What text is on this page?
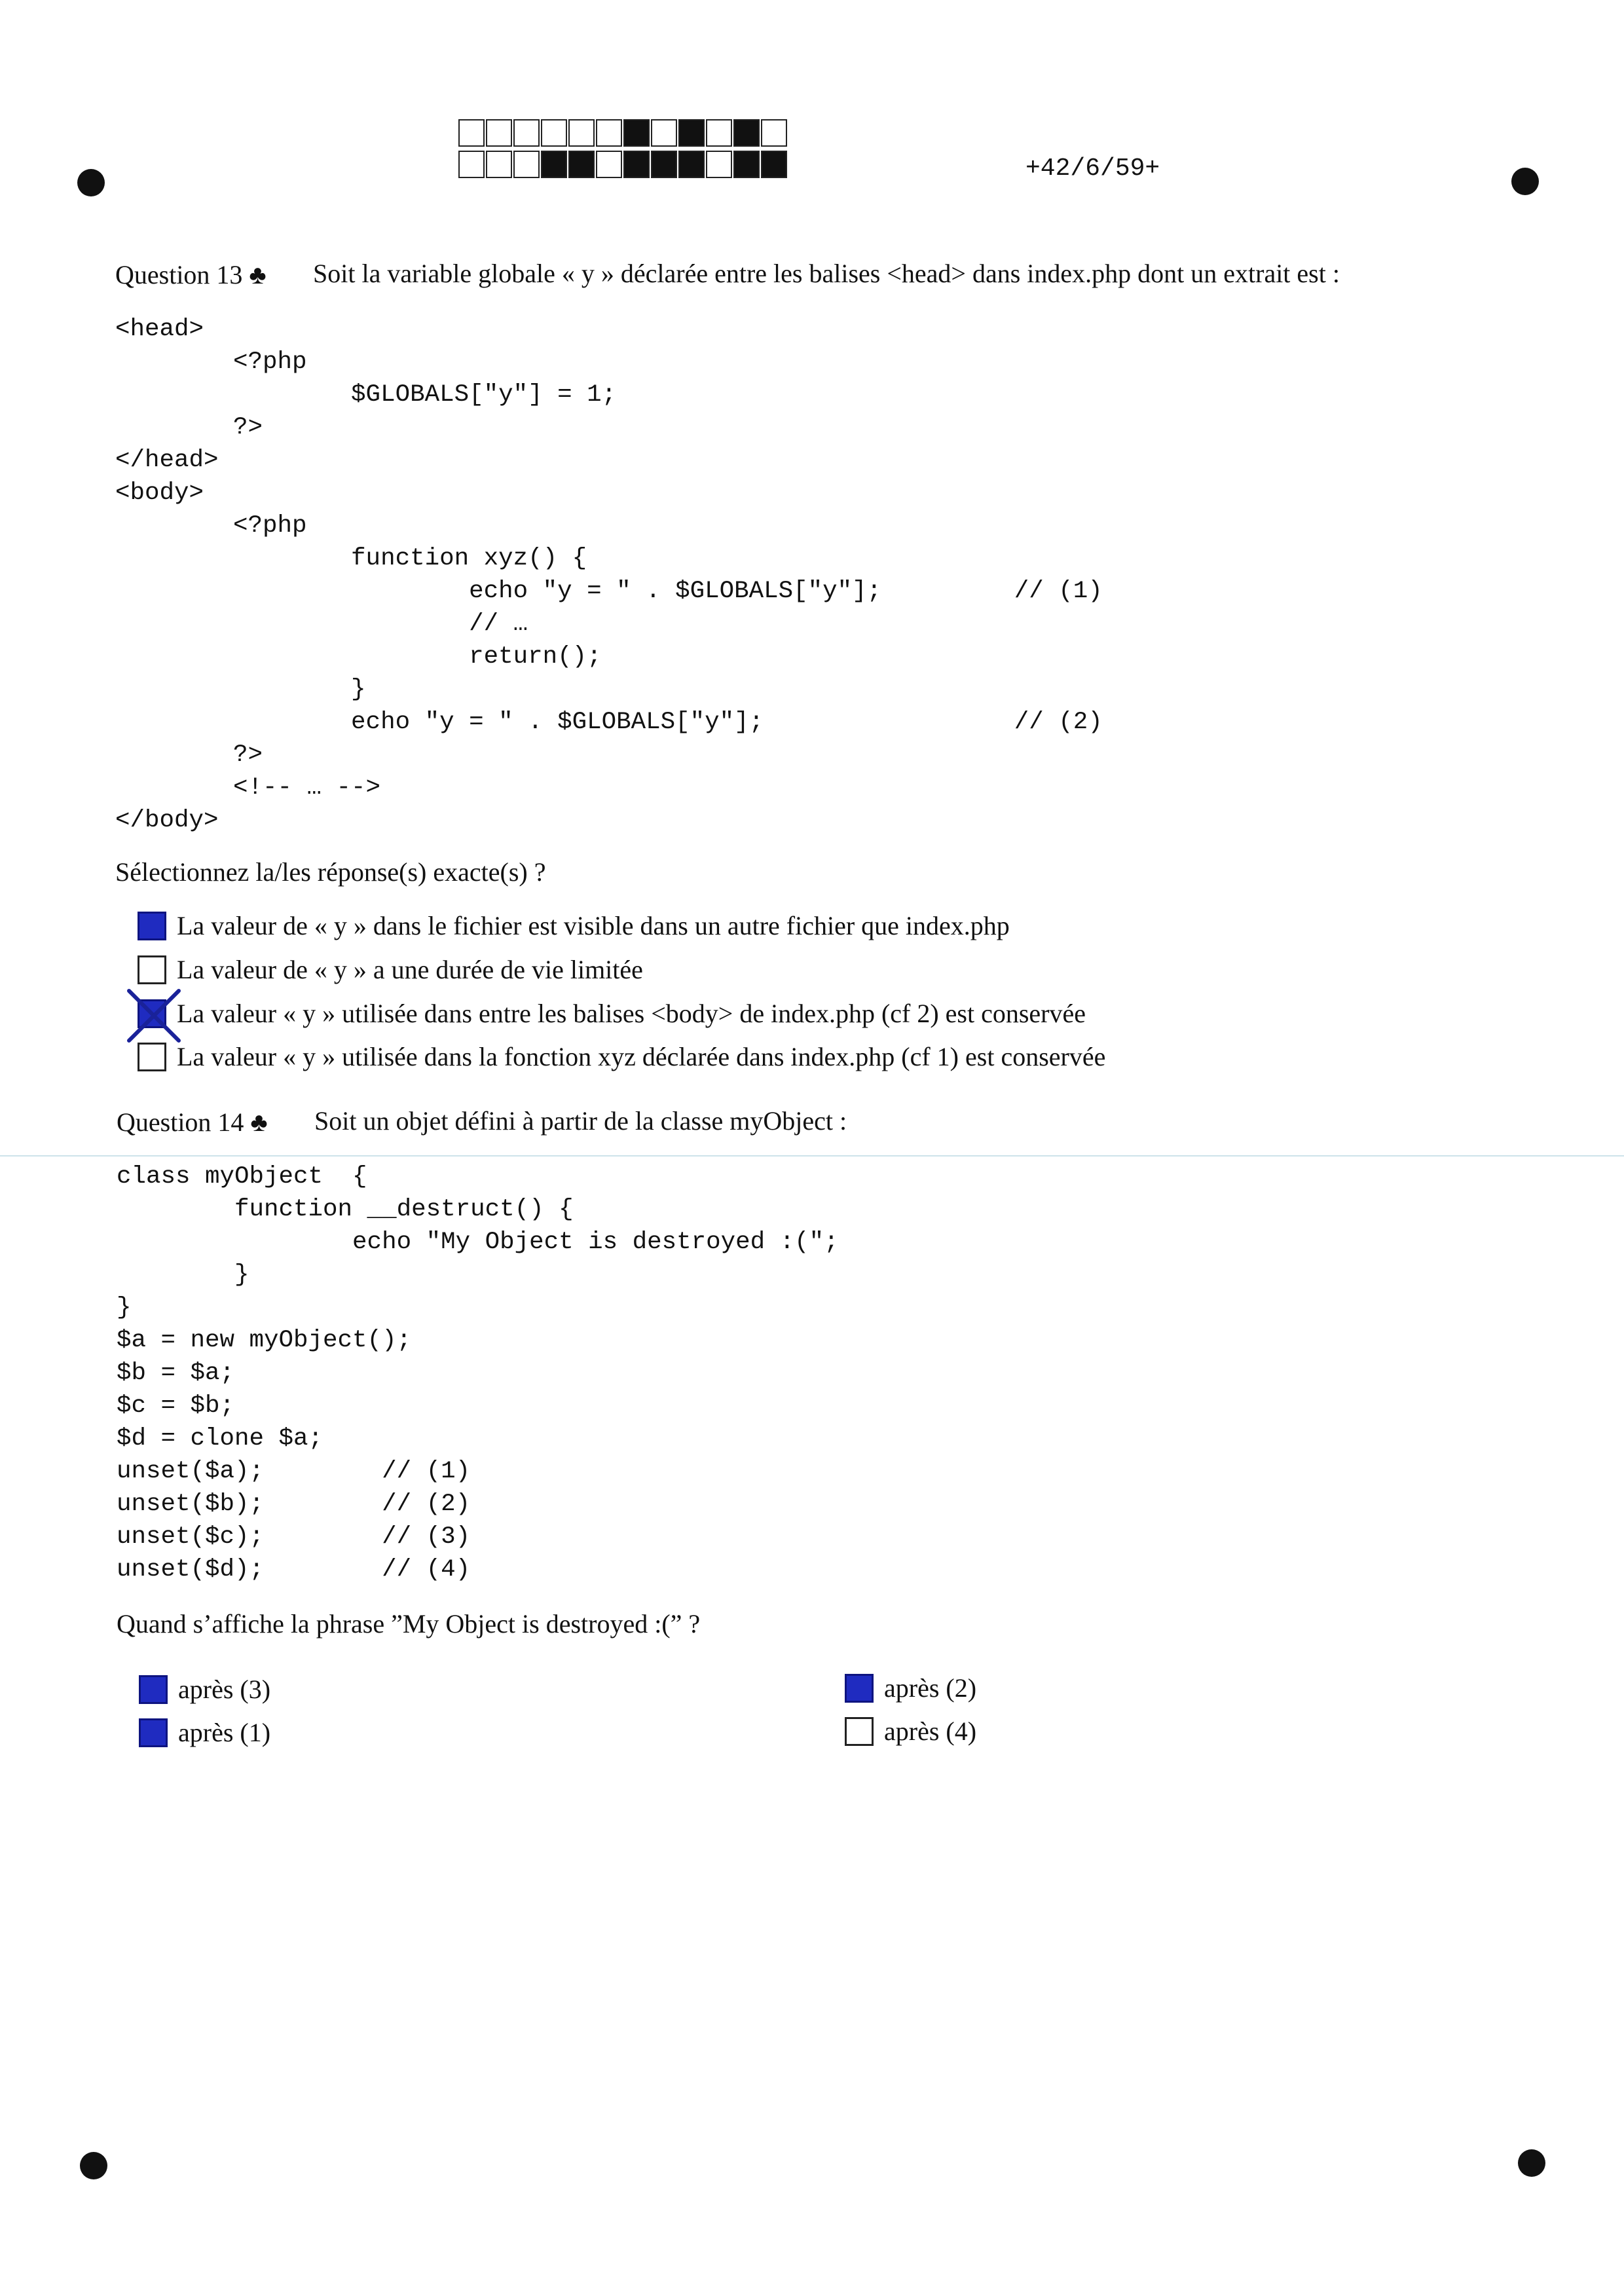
+42/6/59+
Question 13 ♣ Soit la variable globale « y » déclarée entre les balises <head> dans index.php dont un extrait est :
<head>
<?php
$GLOBALS["y"] = 1;
?>
</head>
<body>
<?php
function xyz() {
echo "y = " . $GLOBALS["y"];         // (1)
// …
return();
}
echo "y = " . $GLOBALS["y"];                 // (2)
?>
<!-- … -->
</body>
Sélectionnez la/les réponse(s) exacte(s) ?
La valeur de « y » dans le fichier est visible dans un autre fichier que index.php
La valeur de « y » a une durée de vie limitée
La valeur « y » utilisée dans entre les balises <body> de index.php (cf 2) est conservée
La valeur « y » utilisée dans la fonction xyz déclarée dans index.php (cf 1) est conservée
Question 14 ♣ Soit un objet défini à partir de la classe myObject :
class myObject  {
function __destruct() {
echo "My Object is destroyed :(";
}
}
$a = new myObject();
$b = $a;
$c = $b;
$d = clone $a;
unset($a);        // (1)
unset($b);        // (2)
unset($c);        // (3)
unset($d);        // (4)
Quand s’affiche la phrase ”My Object is destroyed :(” ?
après (3)
après (1)
après (2)
après (4)
